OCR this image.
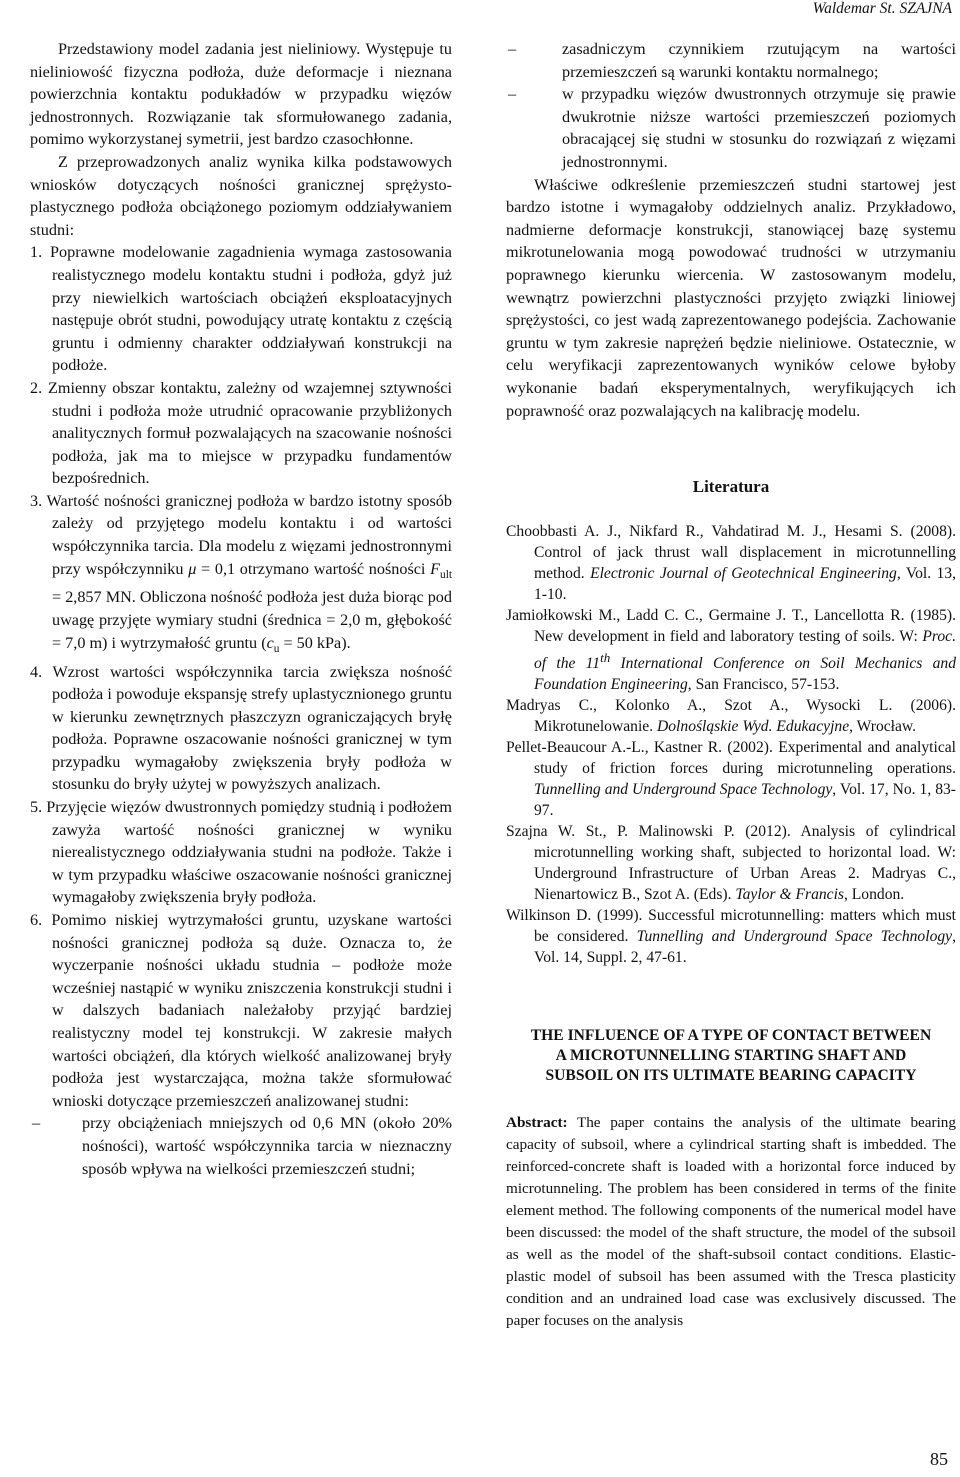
Waldemar St. SZAJNA

Przedstawiony model zadania jest nieliniowy. Występuje tu nieliniowość fizyczna podłoża, duże deformacje i nieznana powierzchnia kontaktu podukładów w przypadku więzów jednostronnych. Rozwiązanie tak sformułowanego zadania, pomimo wykorzystanej symetrii, jest bardzo czasochłonne.

Z przeprowadzonych analiz wynika kilka podstawowych wniosków dotyczących nośności granicznej sprężysto-plastycznego podłoża obciążonego poziomym oddziaływaniem studni:

1. Poprawne modelowanie zagadnienia wymaga zastosowania realistycznego modelu kontaktu studni i podłoża, gdyż już przy niewielkich wartościach obciążeń eksploatacyjnych następuje obrót studni, powodujący utratę kontaktu z częścią gruntu i odmienny charakter oddziaływań konstrukcji na podłoże.

2. Zmienny obszar kontaktu, zależny od wzajemnej sztywności studni i podłoża może utrudnić opracowanie przybliżonych analitycznych formuł pozwalających na szacowanie nośności podłoża, jak ma to miejsce w przypadku fundamentów bezpośrednich.

3. Wartość nośności granicznej podłoża w bardzo istotny sposób zależy od przyjętego modelu kontaktu i od wartości współczynnika tarcia. Dla modelu z więzami jednostronnymi przy współczynniku μ = 0,1 otrzymano wartość nośności $F_{ult} = 2,857$ MN. Obliczona nośność podłoża jest duża biorąc pod uwagę przyjęte wymiary studni (średnica = 2,0 m, głębokość = 7,0 m) i wytrzymałość gruntu ($c_u = 50$ kPa).

4. Wzrost wartości współczynnika tarcia zwiększa nośność podłoża i powoduje ekspansję strefy uplastycznionego gruntu w kierunku zewnętrznych płaszczyzn ograniczających bryłę podłoża. Poprawne oszacowanie nośności granicznej w tym przypadku wymagałoby zwiększenia bryły podłoża w stosunku do bryły użytej w powyższych analizach.

5. Przyjęcie więzów dwustronnych pomiędzy studnią i podłożem zawyża wartość nośności granicznej w wyniku nierealistycznego oddziaływania studni na podłoże. Także i w tym przypadku właściwe oszacowanie nośności granicznej wymagałoby zwiększenia bryły podłoża.

6. Pomimo niskiej wytrzymałości gruntu, uzyskane wartości nośności granicznej podłoża są duże. Oznacza to, że wyczerpanie nośności układu studnia – podłoże może wcześniej nastąpić w wyniku zniszczenia konstrukcji studni i w dalszych badaniach należałoby przyjąć bardziej realistyczny model tej konstrukcji. W zakresie małych wartości obciążeń, dla których wielkość analizowanej bryły podłoża jest wystarczająca, można także sformułować wnioski dotyczące przemieszczeń analizowanej studni:

–	przy obciążeniach mniejszych od 0,6 MN (około 20% nośności), wartość współczynnika tarcia w nieznaczny sposób wpływa na wielkości przemieszczeń studni;

–	zasadniczym czynnikiem rzutującym na wartości przemieszczeń są warunki kontaktu normalnego;

–	w przypadku więzów dwustronnych otrzymuje się prawie dwukrotnie niższe wartości przemieszczeń poziomych obracającej się studni w stosunku do rozwiązań z więzami jednostronnymi.

Właściwe odkreślenie przemieszczeń studni startowej jest bardzo istotne i wymagałoby oddzielnych analiz. Przykładowo, nadmierne deformacje konstrukcji, stanowiącej bazę systemu mikrotunelowania mogą powodować trudności w utrzymaniu poprawnego kierunku wiercenia. W zastosowanym modelu, wewnątrz powierzchni plastyczności przyjęto związki liniowej sprężystości, co jest wadą zaprezentowanego podejścia. Zachowanie gruntu w tym zakresie naprężeń będzie nieliniowe. Ostatecznie, w celu weryfikacji zaprezentowanych wyników celowe byłoby wykonanie badań eksperymentalnych, weryfikujących ich poprawność oraz pozwalających na kalibrację modelu.

Literatura

Choobbasti A. J., Nikfard R., Vahdatirad M. J., Hesami S. (2008). Control of jack thrust wall displacement in microtunnelling method. Electronic Journal of Geotechnical Engineering, Vol. 13, 1-10.

Jamiołkowski M., Ladd C. C., Germaine J. T., Lancellotta R. (1985). New development in field and laboratory testing of soils. W: Proc. of the 11th International Conference on Soil Mechanics and Foundation Engineering, San Francisco, 57-153.

Madryas C., Kolonko A., Szot A., Wysocki L. (2006). Mikrotunelowanie. Dolnośląskie Wyd. Edukacyjne, Wrocław.

Pellet-Beaucour A.-L., Kastner R. (2002). Experimental and analytical study of friction forces during microtunneling operations. Tunnelling and Underground Space Technology, Vol. 17, No. 1, 83-97.

Szajna W. St., P. Malinowski P. (2012). Analysis of cylindrical microtunnelling working shaft, subjected to horizontal load. W: Underground Infrastructure of Urban Areas 2. Madryas C., Nienartowicz B., Szot A. (Eds). Taylor & Francis, London.

Wilkinson D. (1999). Successful microtunnelling: matters which must be considered. Tunnelling and Underground Space Technology, Vol. 14, Suppl. 2, 47-61.

THE INFLUENCE OF A TYPE OF CONTACT BETWEEN
A MICROTUNNELLING STARTING SHAFT AND
SUBSOIL ON ITS ULTIMATE BEARING CAPACITY

Abstract: The paper contains the analysis of the ultimate bearing capacity of subsoil, where a cylindrical starting shaft is imbedded. The reinforced-concrete shaft is loaded with a horizontal force induced by microtunneling. The problem has been considered in terms of the finite element method. The following components of the numerical model have been discussed: the model of the shaft structure, the model of the subsoil as well as the model of the shaft-subsoil contact conditions. Elastic-plastic model of subsoil has been assumed with the Tresca plasticity condition and an undrained load case was exclusively discussed. The paper focuses on the analysis

85
